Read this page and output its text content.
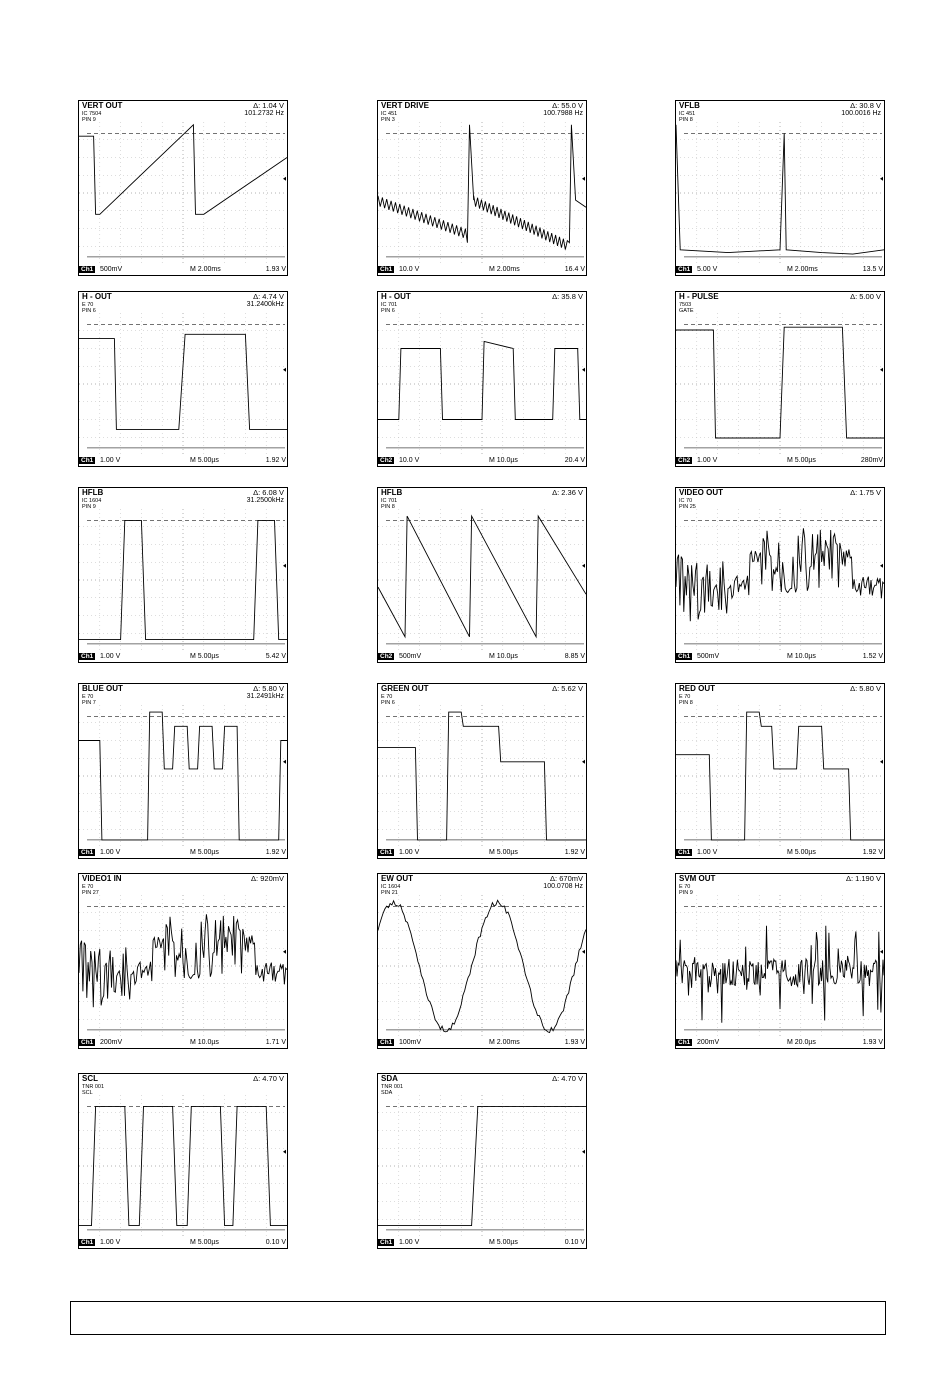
VERT OUT
IC 7504
PIN 9
Δ: 1.04 V
101.2732 Hz
Ch1 500mV	M 2.00ms	1.93 V
VERT DRIVE
IC 451
PIN 3
Δ: 55.0 V
100.7988 Hz
Ch1 10.0 V	M 2.00ms	16.4 V
VFLB
IC 451
PIN 8
Δ: 30.8 V
100.0016 Hz
Ch1 5.00 V	M 2.00ms	13.5 V
H - OUT
E 70
PIN 6
Δ: 4.74 V
31.2400kHz
Ch1 1.00 V	M 5.00µs	1.92 V
H - OUT
IC 701
PIN 6
Δ: 35.8 V
Ch2 10.0 V	M 10.0µs	20.4 V
H - PULSE
7503
GATE
Δ: 5.00 V
Ch2 1.00 V	M 5.00µs	280mV
HFLB
IC 1604
PIN 9
Δ: 6.08 V
31.2500kHz
Ch1 1.00 V	M 5.00µs	5.42 V
HFLB
IC 701
PIN 8
Δ: 2.36 V
Ch2 500mV	M 10.0µs	8.85 V
VIDEO OUT
IC 70
PIN 25
Δ: 1.75 V
Ch1 500mV	M 10.0µs	1.52 V
BLUE OUT
E 70
PIN 7
Δ: 5.80 V
31.2491kHz
Ch1 1.00 V	M 5.00µs	1.92 V
GREEN OUT
E 70
PIN 6
Δ: 5.62 V
Ch1 1.00 V	M 5.00µs	1.92 V
RED OUT
E 70
PIN 8
Δ: 5.80 V
Ch1 1.00 V	M 5.00µs	1.92 V
VIDEO1 IN
E 70
PIN 27
Δ: 920mV
Ch1 200mV	M 10.0µs	1.71 V
EW OUT
IC 1604
PIN 21
Δ: 670mV
100.0708 Hz
Ch1 100mV	M 2.00ms	1.93 V
SVM OUT
E 70
PIN 9
Δ: 1.190 V
Ch1 200mV	M 20.0µs	1.93 V
SCL
TNR 001
SCL
Δ: 4.70 V
Ch1 1.00 V	M 5.00µs	0.10 V
SDA
TNR 001
SDA
Δ: 4.70 V
Ch1 1.00 V	M 5.00µs	0.10 V
